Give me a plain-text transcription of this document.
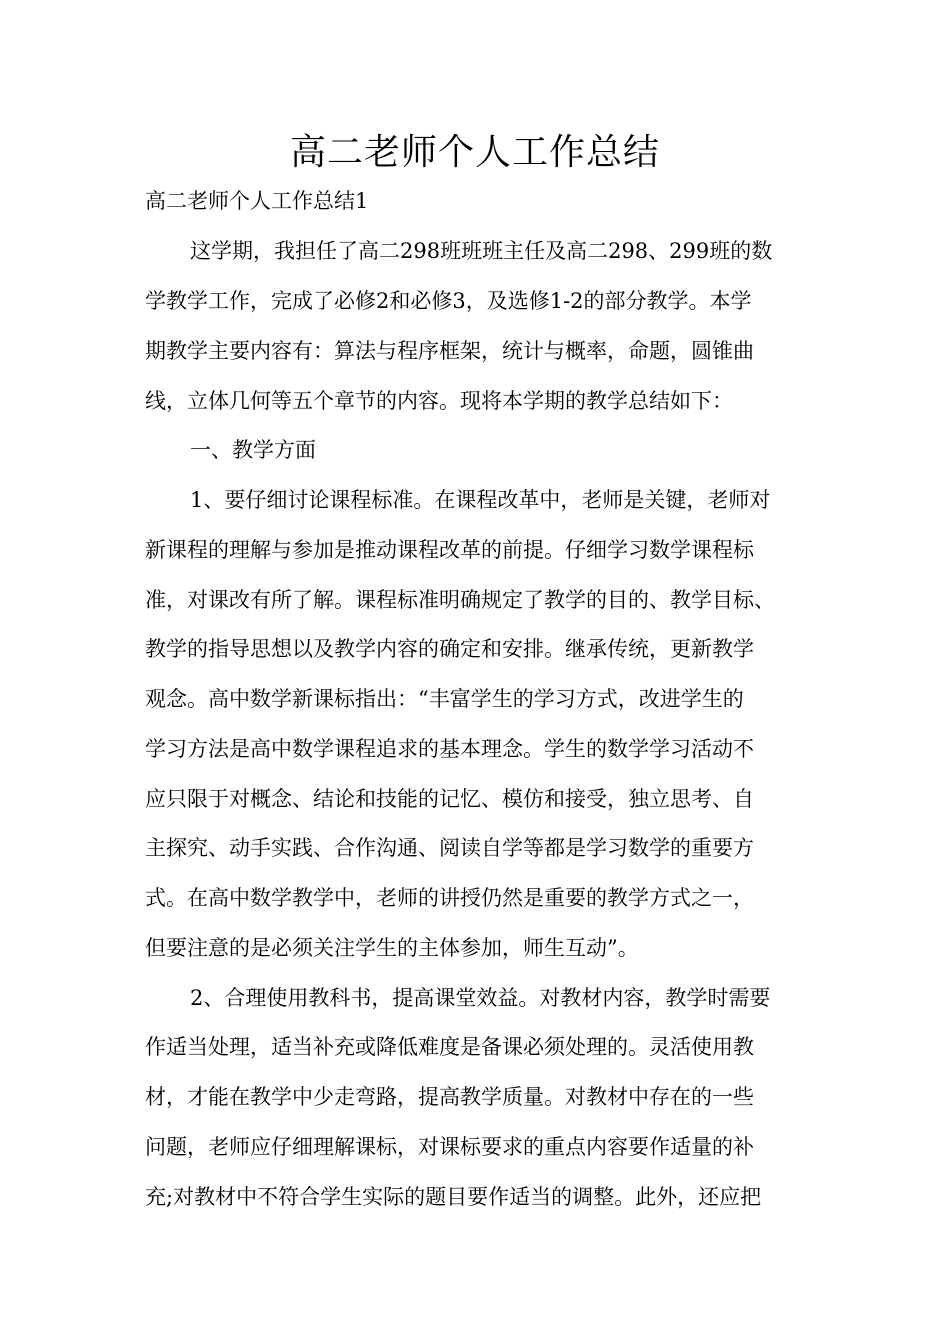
高二老师个人工作总结
高二老师个人工作总结1
这学期，我担任了高二298班班班主任及高二298、299班的数
学教学工作，完成了必修2和必修3，及选修1-2的部分教学。本学
期教学主要内容有：算法与程序框架，统计与概率，命题，圆锥曲
线，立体几何等五个章节的内容。现将本学期的教学总结如下：
一、教学方面
1、要仔细讨论课程标准。在课程改革中，老师是关键，老师对
新课程的理解与参加是推动课程改革的前提。仔细学习数学课程标
准，对课改有所了解。课程标准明确规定了教学的目的、教学目标、
教学的指导思想以及教学内容的确定和安排。继承传统，更新教学
观念。高中数学新课标指出：“丰富学生的学习方式，改进学生的
学习方法是高中数学课程追求的基本理念。学生的数学学习活动不
应只限于对概念、结论和技能的记忆、模仿和接受，独立思考、自
主探究、动手实践、合作沟通、阅读自学等都是学习数学的重要方
式。在高中数学教学中，老师的讲授仍然是重要的教学方式之一，
但要注意的是必须关注学生的主体参加，师生互动”。
2、合理使用教科书，提高课堂效益。对教材内容，教学时需要
作适当处理，适当补充或降低难度是备课必须处理的。灵活使用教
材，才能在教学中少走弯路，提高教学质量。对教材中存在的一些
问题，老师应仔细理解课标，对课标要求的重点内容要作适量的补
充;对教材中不符合学生实际的题目要作适当的调整。此外，还应把
